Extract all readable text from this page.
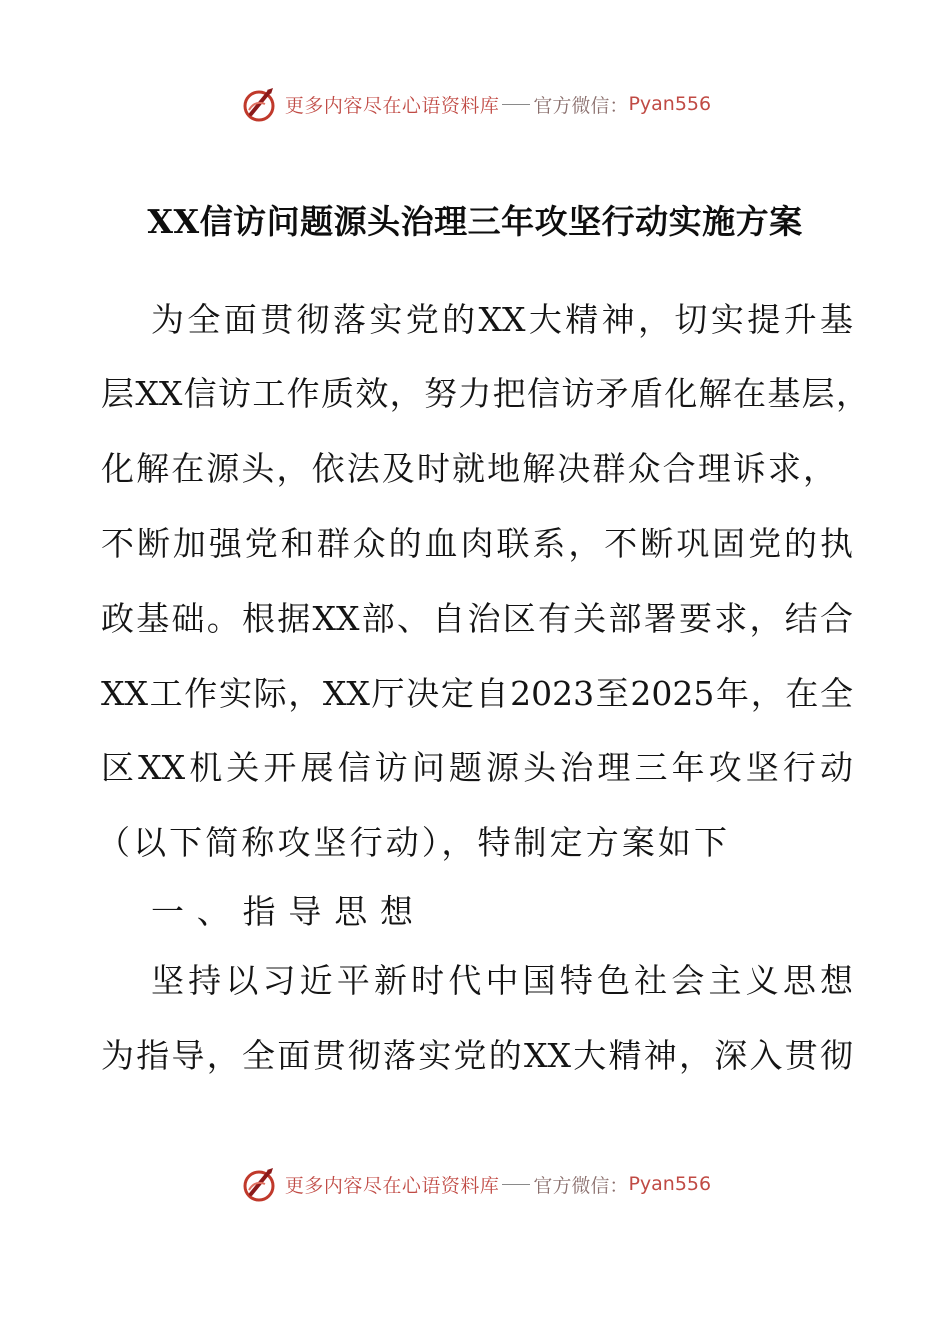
更多内容尽在心语资料库 官方微信： Pyan556
XX信访问题源头治理三年攻坚行动实施方案
为全面贯彻落实党的XX大精神，切实提升基
层XX信访工作质效，努力把信访矛盾化解在基层，
化解在源头，依法及时就地解决群众合理诉求，
不断加强党和群众的血肉联系，不断巩固党的执
政基础。根据XX部、自治区有关部署要求，结合
XX工作实际，XX厅决定自2023至2025年，在全
区XX机关开展信访问题源头治理三年攻坚行动
（以下简称攻坚行动），特制定方案如下
一、指导思想
坚持以习近平新时代中国特色社会主义思想
为指导，全面贯彻落实党的XX大精神，深入贯彻
更多内容尽在心语资料库 官方微信： Pyan556
